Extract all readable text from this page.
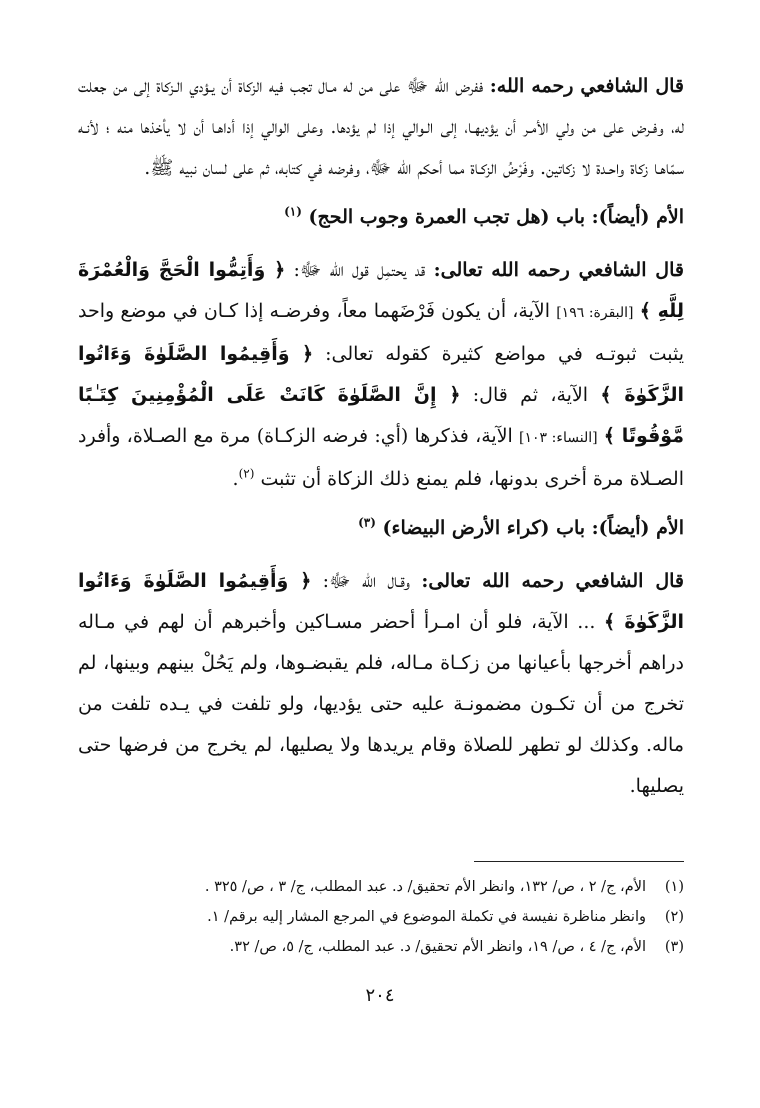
قال الشافعي رحمه الله: ففرض الله ﷻ على من له مـال تجب فيه الزكاة أن يـؤدي الـزكاة إلى من جعلت له، وفـرض على من ولي الأمـر أن يؤديهـا، إلى الـوالي إذا لم يؤدها. وعلى الوالي إذا أداهـا أن لا يأخذها منه ؛ لأنـه سمّاهـا زكاة واحـدة لا زكاتين. وفَرْضُ الزكـاة مما أحكم الله ﷻ، وفرضه في كتابه، ثم على لسان نبيه ﷺ.

الأم (أيضاً): باب (هل تجب العمرة وجوب الحج) $^{(١)}$

قال الشافعي رحمه الله تعالى: قد يحتمِل قول الله ﷻ: ﴿ وَأَتِمُّوا الْحَجَّ وَالْعُمْرَةَ لِلَّهِ ﴾ [البقرة: ١٩٦] الآية، أن يكون فَرْضَهما معاً، وفرضـه إذا كـان في موضع واحد يثبت ثبوتـه في مواضع كثيرة كقوله تعالى: ﴿ وَأَقِيمُوا الصَّلَوٰةَ وَءَاتُوا الزَّكَوٰةَ ﴾ الآية، ثم قال: ﴿ إِنَّ الصَّلَوٰةَ كَانَتْ عَلَى الْمُؤْمِنِينَ كِتَـٰبًا مَّوْقُوتًا ﴾ [النساء: ١٠٣] الآية، فذكرها (أي: فرضه الزكـاة) مرة مع الصـلاة، وأفرد الصـلاة مرة أخرى بدونها، فلم يمنع ذلك الزكاة أن تثبت $^{(٢)}$.

الأم (أيضاً): باب (كراء الأرض البيضاء) $^{(٣)}$

قال الشافعي رحمه الله تعالى: وقـال الله ﷻ: ﴿ وَأَقِيمُوا الصَّلَوٰةَ وَءَاتُوا الزَّكَوٰةَ ﴾ ... الآية، فلو أن امـرأ أحضر مسـاكين وأخبرهم أن لهم في مـاله دراهم أخرجها بأعيانها من زكـاة مـاله، فلم يقبضـوها، ولم يَحُلْ بينهم وبينها، لم تخرج من أن تكـون مضمونـة عليه حتى يؤديها، ولو تلفت في يـده تلفت من ماله. وكذلك لو تطهر للصلاة وقام يريدها ولا يصليها، لم يخرج من فرضها حتى يصليها.

(١)
الأم، ج/ ٢ ، ص/ ١٣٢، وانظر الأم تحقيق/ د. عبد المطلب، ج/ ٣ ، ص/ ٣٢٥ .
(٢)
وانظر مناظرة نفيسة في تكملة الموضوع في المرجع المشار إليه برقم/ ١.
(٣)
الأم، ج/ ٤ ، ص/ ١٩، وانظر الأم تحقيق/ د. عبد المطلب، ج/ ٥، ص/ ٣٢.
٢٠٤
